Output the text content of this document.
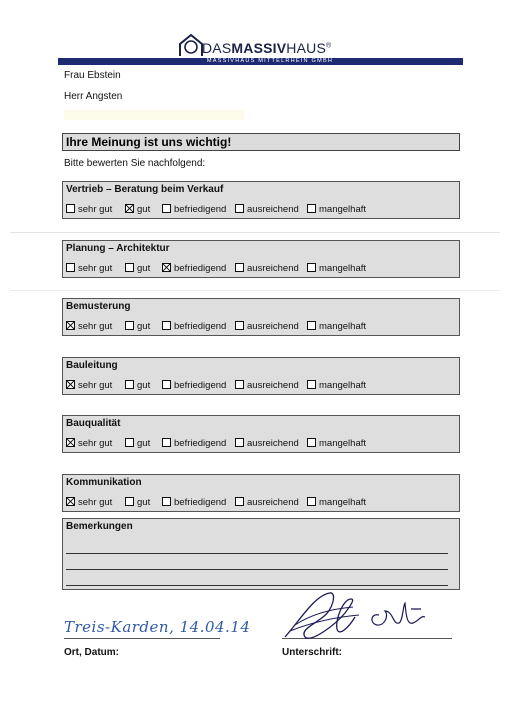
DASMASSIVHAUS®
MASSIVHAUS MITTELRHEIN GMBH
Frau Ebstein
Herr Angsten
Ihre Meinung ist uns wichtig!
Bitte bewerten Sie nachfolgend:
Vertrieb – Beratung beim Verkauf
sehr gut	gut	befriedigend	ausreichend	mangelhaft
Planung – Architektur
sehr gut	gut	befriedigend	ausreichend	mangelhaft
Bemusterung
sehr gut	gut	befriedigend	ausreichend	mangelhaft
Bauleitung
sehr gut	gut	befriedigend	ausreichend	mangelhaft
Bauqualität
sehr gut	gut	befriedigend	ausreichend	mangelhaft
Kommunikation
sehr gut	gut	befriedigend	ausreichend	mangelhaft
Bemerkungen
Treis-Karden, 14.04.14
Ort, Datum:	Unterschrift:
